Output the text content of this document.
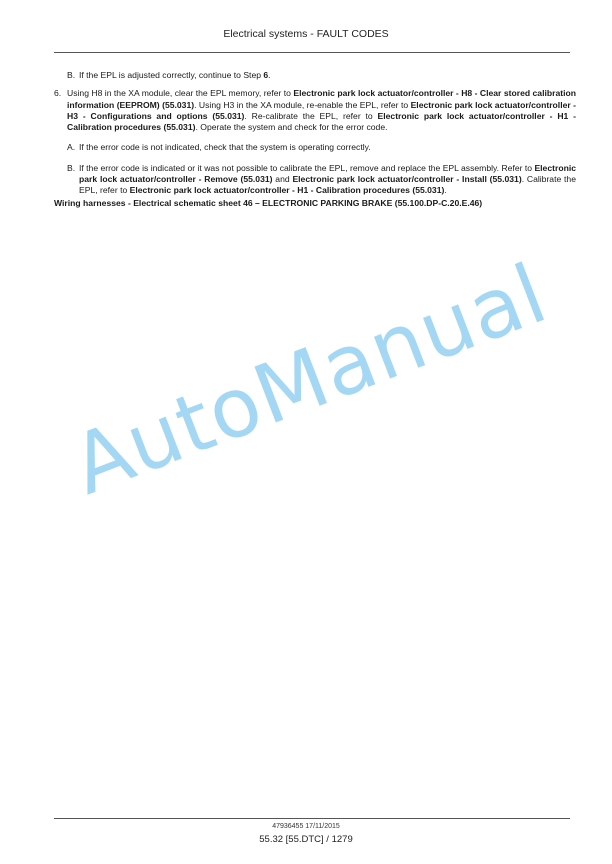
Electrical systems - FAULT CODES
B. If the EPL is adjusted correctly, continue to Step 6.
6. Using H8 in the XA module, clear the EPL memory, refer to Electronic park lock actuator/controller - H8 - Clear stored calibration information (EEPROM) (55.031). Using H3 in the XA module, re-enable the EPL, refer to Electronic park lock actuator/controller - H3 - Configurations and options (55.031). Re-calibrate the EPL, refer to Electronic park lock actuator/controller - H1 - Calibration procedures (55.031). Operate the system and check for the error code.
A. If the error code is not indicated, check that the system is operating correctly.
B. If the error code is indicated or it was not possible to calibrate the EPL, remove and replace the EPL assembly. Refer to Electronic park lock actuator/controller - Remove (55.031) and Electronic park lock actuator/controller - Install (55.031). Calibrate the EPL, refer to Electronic park lock actuator/controller - H1 - Calibration procedures (55.031).
Wiring harnesses - Electrical schematic sheet 46 – ELECTRONIC PARKING BRAKE (55.100.DP-C.20.E.46)
AutoManual
47936455 17/11/2015
55.32 [55.DTC] / 1279
